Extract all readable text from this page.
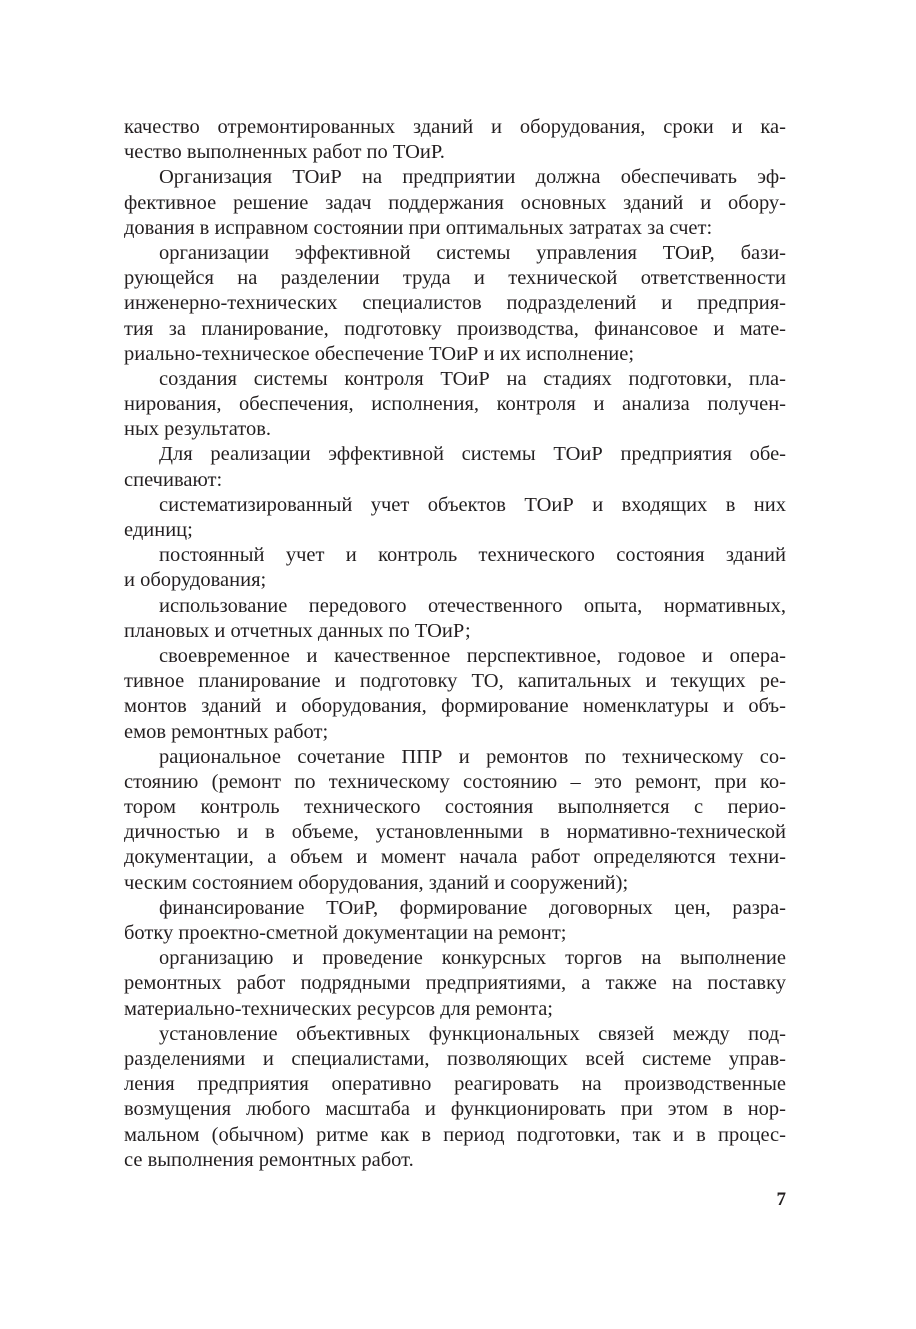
качество отремонтированных зданий и оборудования, сроки и ка-
чество выполненных работ по ТОиР.
Организация ТОиР на предприятии должна обеспечивать эф-
фективное решение задач поддержания основных зданий и обору-
дования в исправном состоянии при оптимальных затратах за счет:
организации эффективной системы управления ТОиР, бази-
рующейся на разделении труда и технической ответственности
инженерно-технических специалистов подразделений и предприя-
тия за планирование, подготовку производства, финансовое и мате-
риально-техническое обеспечение ТОиР и их исполнение;
создания системы контроля ТОиР на стадиях подготовки, пла-
нирования, обеспечения, исполнения, контроля и анализа получен-
ных результатов.
Для реализации эффективной системы ТОиР предприятия обе-
спечивают:
систематизированный учет объектов ТОиР и входящих в них
единиц;
постоянный учет и контроль технического состояния зданий
и оборудования;
использование передового отечественного опыта, нормативных,
плановых и отчетных данных по ТОиР;
своевременное и качественное перспективное, годовое и опера-
тивное планирование и подготовку ТО, капитальных и текущих ре-
монтов зданий и оборудования, формирование номенклатуры и объ-
емов ремонтных работ;
рациональное сочетание ППР и ремонтов по техническому со-
стоянию (ремонт по техническому состоянию – это ремонт, при ко-
тором контроль технического состояния выполняется с перио-
дичностью и в объеме, установленными в нормативно-технической
документации, а объем и момент начала работ определяются техни-
ческим состоянием оборудования, зданий и сооружений);
финансирование ТОиР, формирование договорных цен, разра-
ботку проектно-сметной документации на ремонт;
организацию и проведение конкурсных торгов на выполнение
ремонтных работ подрядными предприятиями, а также на поставку
материально-технических ресурсов для ремонта;
установление объективных функциональных связей между под-
разделениями и специалистами, позволяющих всей системе управ-
ления предприятия оперативно реагировать на производственные
возмущения любого масштаба и функционировать при этом в нор-
мальном (обычном) ритме как в период подготовки, так и в процес-
се выполнения ремонтных работ.
7
